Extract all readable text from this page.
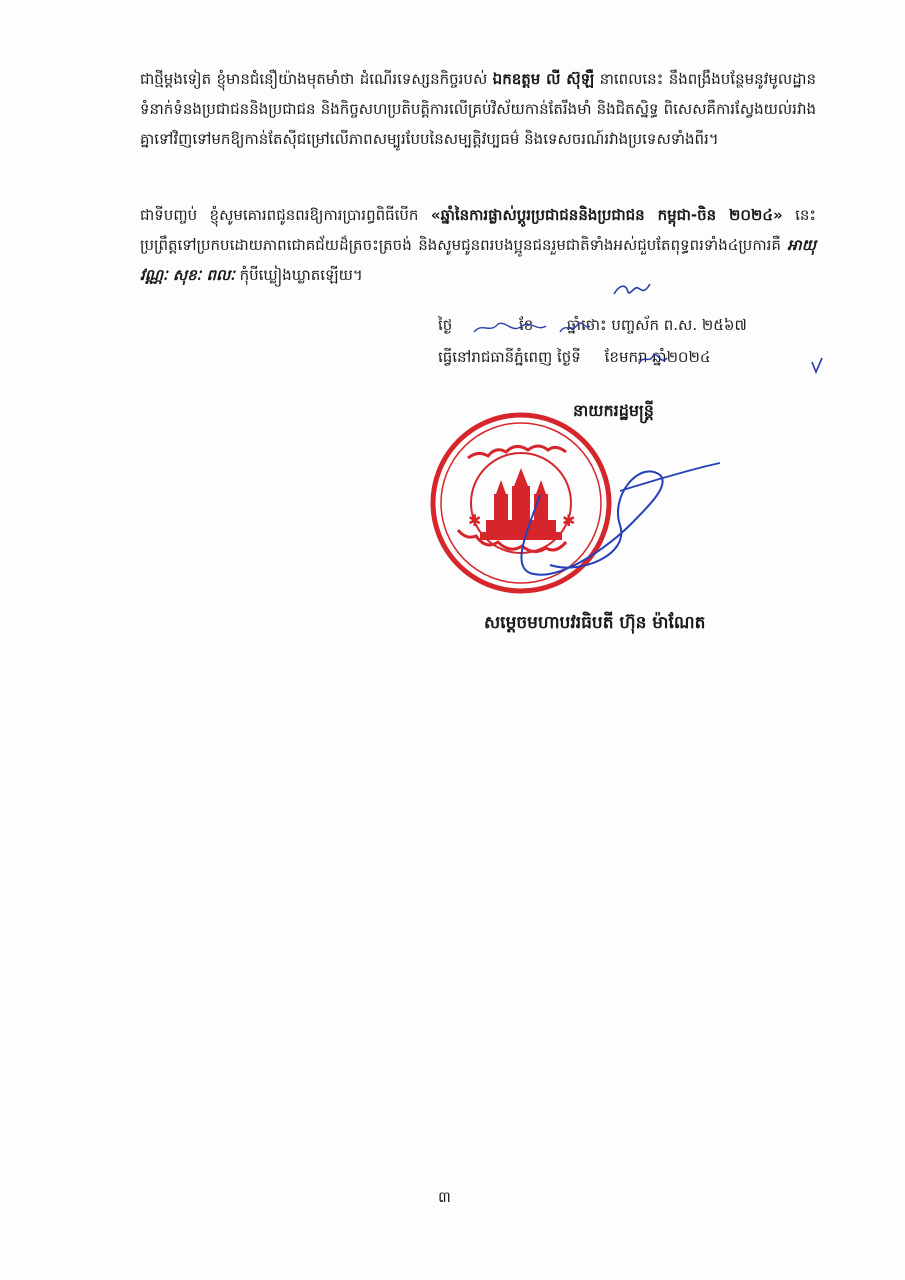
ជាថ្មីម្តងទៀត ខ្ញុំមានជំនឿយ៉ាងមុតមាំថា ដំណើរទេស្សនកិច្ចរបស់ ឯកឧត្តម លី ស៊ុឡឺ នាពេលនេះ នឹងពង្រឹងបន្ថែមនូវមូលដ្ឋានទំនាក់ទំនងប្រជាជននិងប្រជាជន និងកិច្ចសហប្រតិបត្តិការលើគ្រប់វិស័យកាន់តែរឹងមាំ និងជិតស្និទ្ធ ពិសេសគឺការស្វែងយល់រវាងគ្នាទៅវិញទៅមកឱ្យកាន់តែស៊ីជម្រៅលើភាពសម្បូរបែបនៃសម្បត្តិវប្បធម៌ និងទេសចរណ៍រវាងប្រទេសទាំងពីរ។
ជាទីបញ្ចប់ ខ្ញុំសូមគោរពជូនពរឱ្យការប្រារព្ធពិធីបើក «ឆ្នាំនៃការផ្លាស់ប្តូរប្រជាជននិងប្រជាជន កម្ពុជា-ចិន ២០២៤» នេះ ប្រព្រឹត្តទៅប្រកបដោយភាពជោគជ័យដ៏ត្រចះត្រចង់ និងសូមជូនពរបងប្អូនជនរួមជាតិទាំងអស់ជួបតែពុទ្ធពរទាំង៤ប្រការគឺ អាយុ វណ្ណៈ សុខៈ ពលៈ កុំបីឃ្លៀងឃ្លាតឡើយ។
ថ្ងៃ              ខែ       ឆ្នាំថោះ បញ្ចស័ក ព.ស. ២៥៦៧
ធ្វើនៅរាជធានីភ្នំពេញ ថ្ងៃទី     ខែមករា ឆ្នាំ២០២៤
នាយករដ្ឋមន្ត្រី
✱	✱
សម្តេចមហាបវរធិបតី ហ៊ុន ម៉ាណែត
៣
